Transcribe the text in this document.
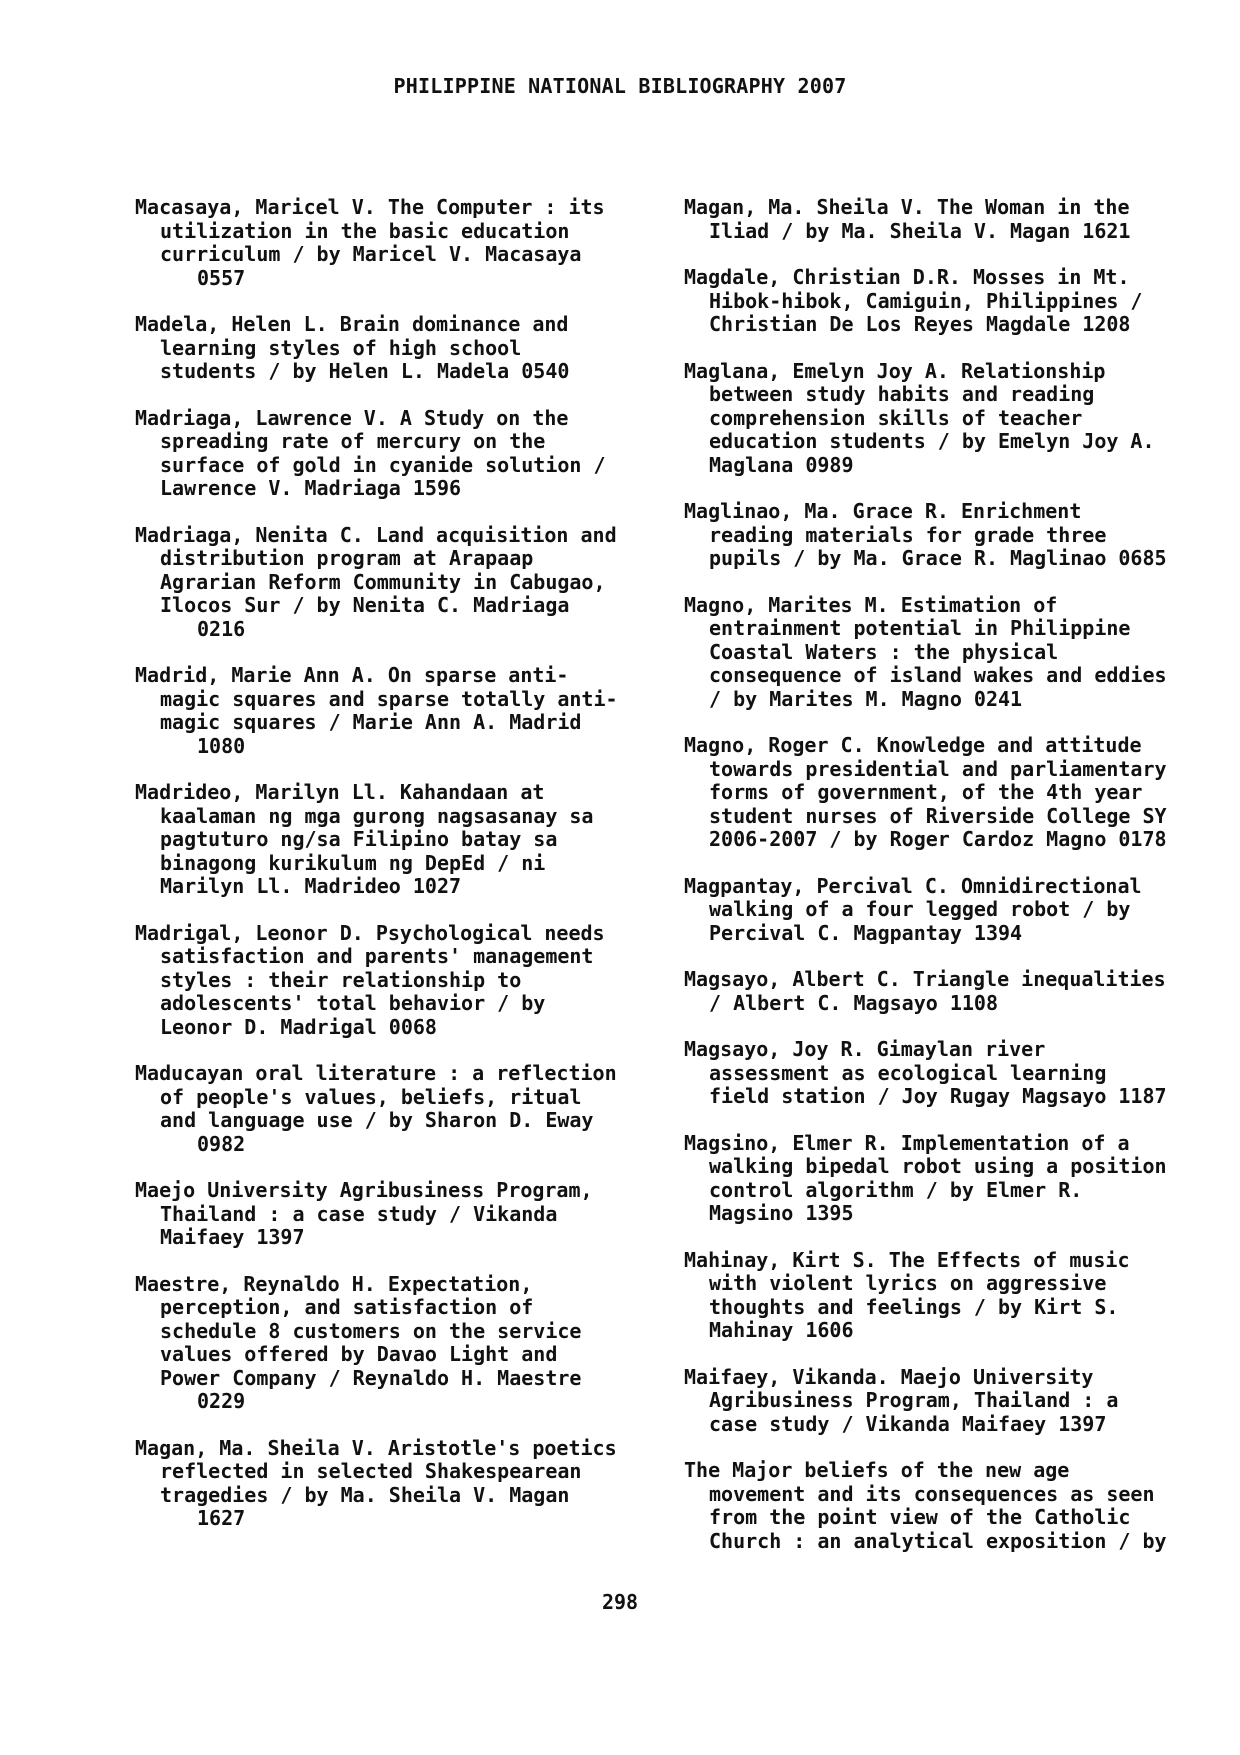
PHILIPPINE NATIONAL BIBLIOGRAPHY 2007
Macasaya, Maricel V. The Computer : its
utilization in the basic education
curriculum / by Maricel V. Macasaya
0557
Madela, Helen L. Brain dominance and
learning styles of high school
students / by Helen L. Madela 0540
Madriaga, Lawrence V. A Study on the
spreading rate of mercury on the
surface of gold in cyanide solution /
Lawrence V. Madriaga 1596
Madriaga, Nenita C. Land acquisition and
distribution program at Arapaap
Agrarian Reform Community in Cabugao,
Ilocos Sur / by Nenita C. Madriaga
0216
Madrid, Marie Ann A. On sparse anti-
magic squares and sparse totally anti-
magic squares / Marie Ann A. Madrid
1080
Madrideo, Marilyn Ll. Kahandaan at
kaalaman ng mga gurong nagsasanay sa
pagtuturo ng/sa Filipino batay sa
binagong kurikulum ng DepEd / ni
Marilyn Ll. Madrideo 1027
Madrigal, Leonor D. Psychological needs
satisfaction and parents' management
styles : their relationship to
adolescents' total behavior / by
Leonor D. Madrigal 0068
Maducayan oral literature : a reflection
of people's values, beliefs, ritual
and language use / by Sharon D. Eway
0982
Maejo University Agribusiness Program,
Thailand : a case study / Vikanda
Maifaey 1397
Maestre, Reynaldo H. Expectation,
perception, and satisfaction of
schedule 8 customers on the service
values offered by Davao Light and
Power Company / Reynaldo H. Maestre
0229
Magan, Ma. Sheila V. Aristotle's poetics
reflected in selected Shakespearean
tragedies / by Ma. Sheila V. Magan
1627
Magan, Ma. Sheila V. The Woman in the
Iliad / by Ma. Sheila V. Magan 1621
Magdale, Christian D.R. Mosses in Mt.
Hibok-hibok, Camiguin, Philippines /
Christian De Los Reyes Magdale 1208
Maglana, Emelyn Joy A. Relationship
between study habits and reading
comprehension skills of teacher
education students / by Emelyn Joy A.
Maglana 0989
Maglinao, Ma. Grace R. Enrichment
reading materials for grade three
pupils / by Ma. Grace R. Maglinao 0685
Magno, Marites M. Estimation of
entrainment potential in Philippine
Coastal Waters : the physical
consequence of island wakes and eddies
/ by Marites M. Magno 0241
Magno, Roger C. Knowledge and attitude
towards presidential and parliamentary
forms of government, of the 4th year
student nurses of Riverside College SY
2006-2007 / by Roger Cardoz Magno 0178
Magpantay, Percival C. Omnidirectional
walking of a four legged robot / by
Percival C. Magpantay 1394
Magsayo, Albert C. Triangle inequalities
/ Albert C. Magsayo 1108
Magsayo, Joy R. Gimaylan river
assessment as ecological learning
field station / Joy Rugay Magsayo 1187
Magsino, Elmer R. Implementation of a
walking bipedal robot using a position
control algorithm / by Elmer R.
Magsino 1395
Mahinay, Kirt S. The Effects of music
with violent lyrics on aggressive
thoughts and feelings / by Kirt S.
Mahinay 1606
Maifaey, Vikanda. Maejo University
Agribusiness Program, Thailand : a
case study / Vikanda Maifaey 1397
The Major beliefs of the new age
movement and its consequences as seen
from the point view of the Catholic
Church : an analytical exposition / by
298
